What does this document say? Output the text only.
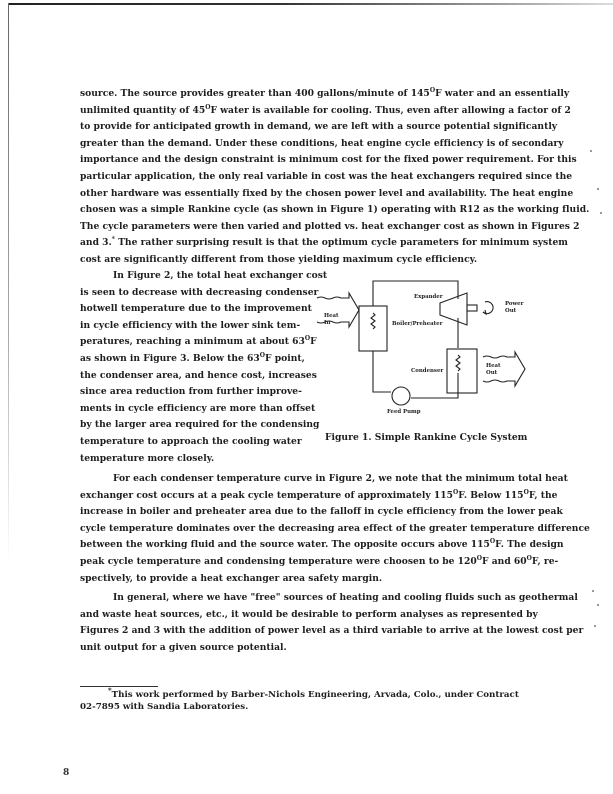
source. The source provides greater than 400 gallons/minute of $145^OF$ water and an essentially
unlimited quantity of $45^OF$ water is available for cooling. Thus, even after allowing a factor of 2
to provide for anticipated growth in demand, we are left with a source potential significantly
greater than the demand. Under these conditions, heat engine cycle efficiency is of secondary
importance and the design constraint is minimum cost for the fixed power requirement. For this
particular application, the only real variable in cost was the heat exchangers required since the
other hardware was essentially fixed by the chosen power level and availability. The heat engine
chosen was a simple Rankine cycle (as shown in Figure 1) operating with R12 as the working fluid.
The cycle parameters were then varied and plotted vs. heat exchanger cost as shown in Figures 2
and 3.* The rather surprising result is that the optimum cycle parameters for minimum system
cost are significantly different from those yielding maximum cycle efficiency.
In Figure 2, the total heat exchanger cost
is seen to decrease with decreasing condenser
hotwell temperature due to the improvement
in cycle efficiency with the lower sink tem-
peratures, reaching a minimum at about $63^OF$
as shown in Figure 3. Below the $63^OF$ point,
the condenser area, and hence cost, increases
since area reduction from further improve-
ments in cycle efficiency are more than offset
by the larger area required for the condensing
temperature to approach the cooling water
temperature more closely.
For each condenser temperature curve in Figure 2, we note that the minimum total heat
exchanger cost occurs at a peak cycle temperature of approximately $115^OF$. Below $115^OF$, the
increase in boiler and preheater area due to the falloff in cycle efficiency from the lower peak
cycle temperature dominates over the decreasing area effect of the greater temperature difference
between the working fluid and the source water. The opposite occurs above $115^OF$. The design
peak cycle temperature and condensing temperature were choosen to be $120^OF$ and $60^OF$, re-
spectively, to provide a heat exchanger area safety margin.
In general, where we have "free" sources of heating and cooling fluids such as geothermal
and waste heat sources, etc., it would be desirable to perform analyses as represented by
Figures 2 and 3 with the addition of power level as a third variable to arrive at the lowest cost per
unit output for a given source potential.
Heat
In	Boiler/Preheater
Expander
Power
Out
Condenser
Heat
Out
Feed Pump
Figure 1. Simple Rankine Cycle System
*This work performed by Barber-Nichols Engineering, Arvada, Colo., under Contract
02-7895 with Sandia Laboratories.
8
